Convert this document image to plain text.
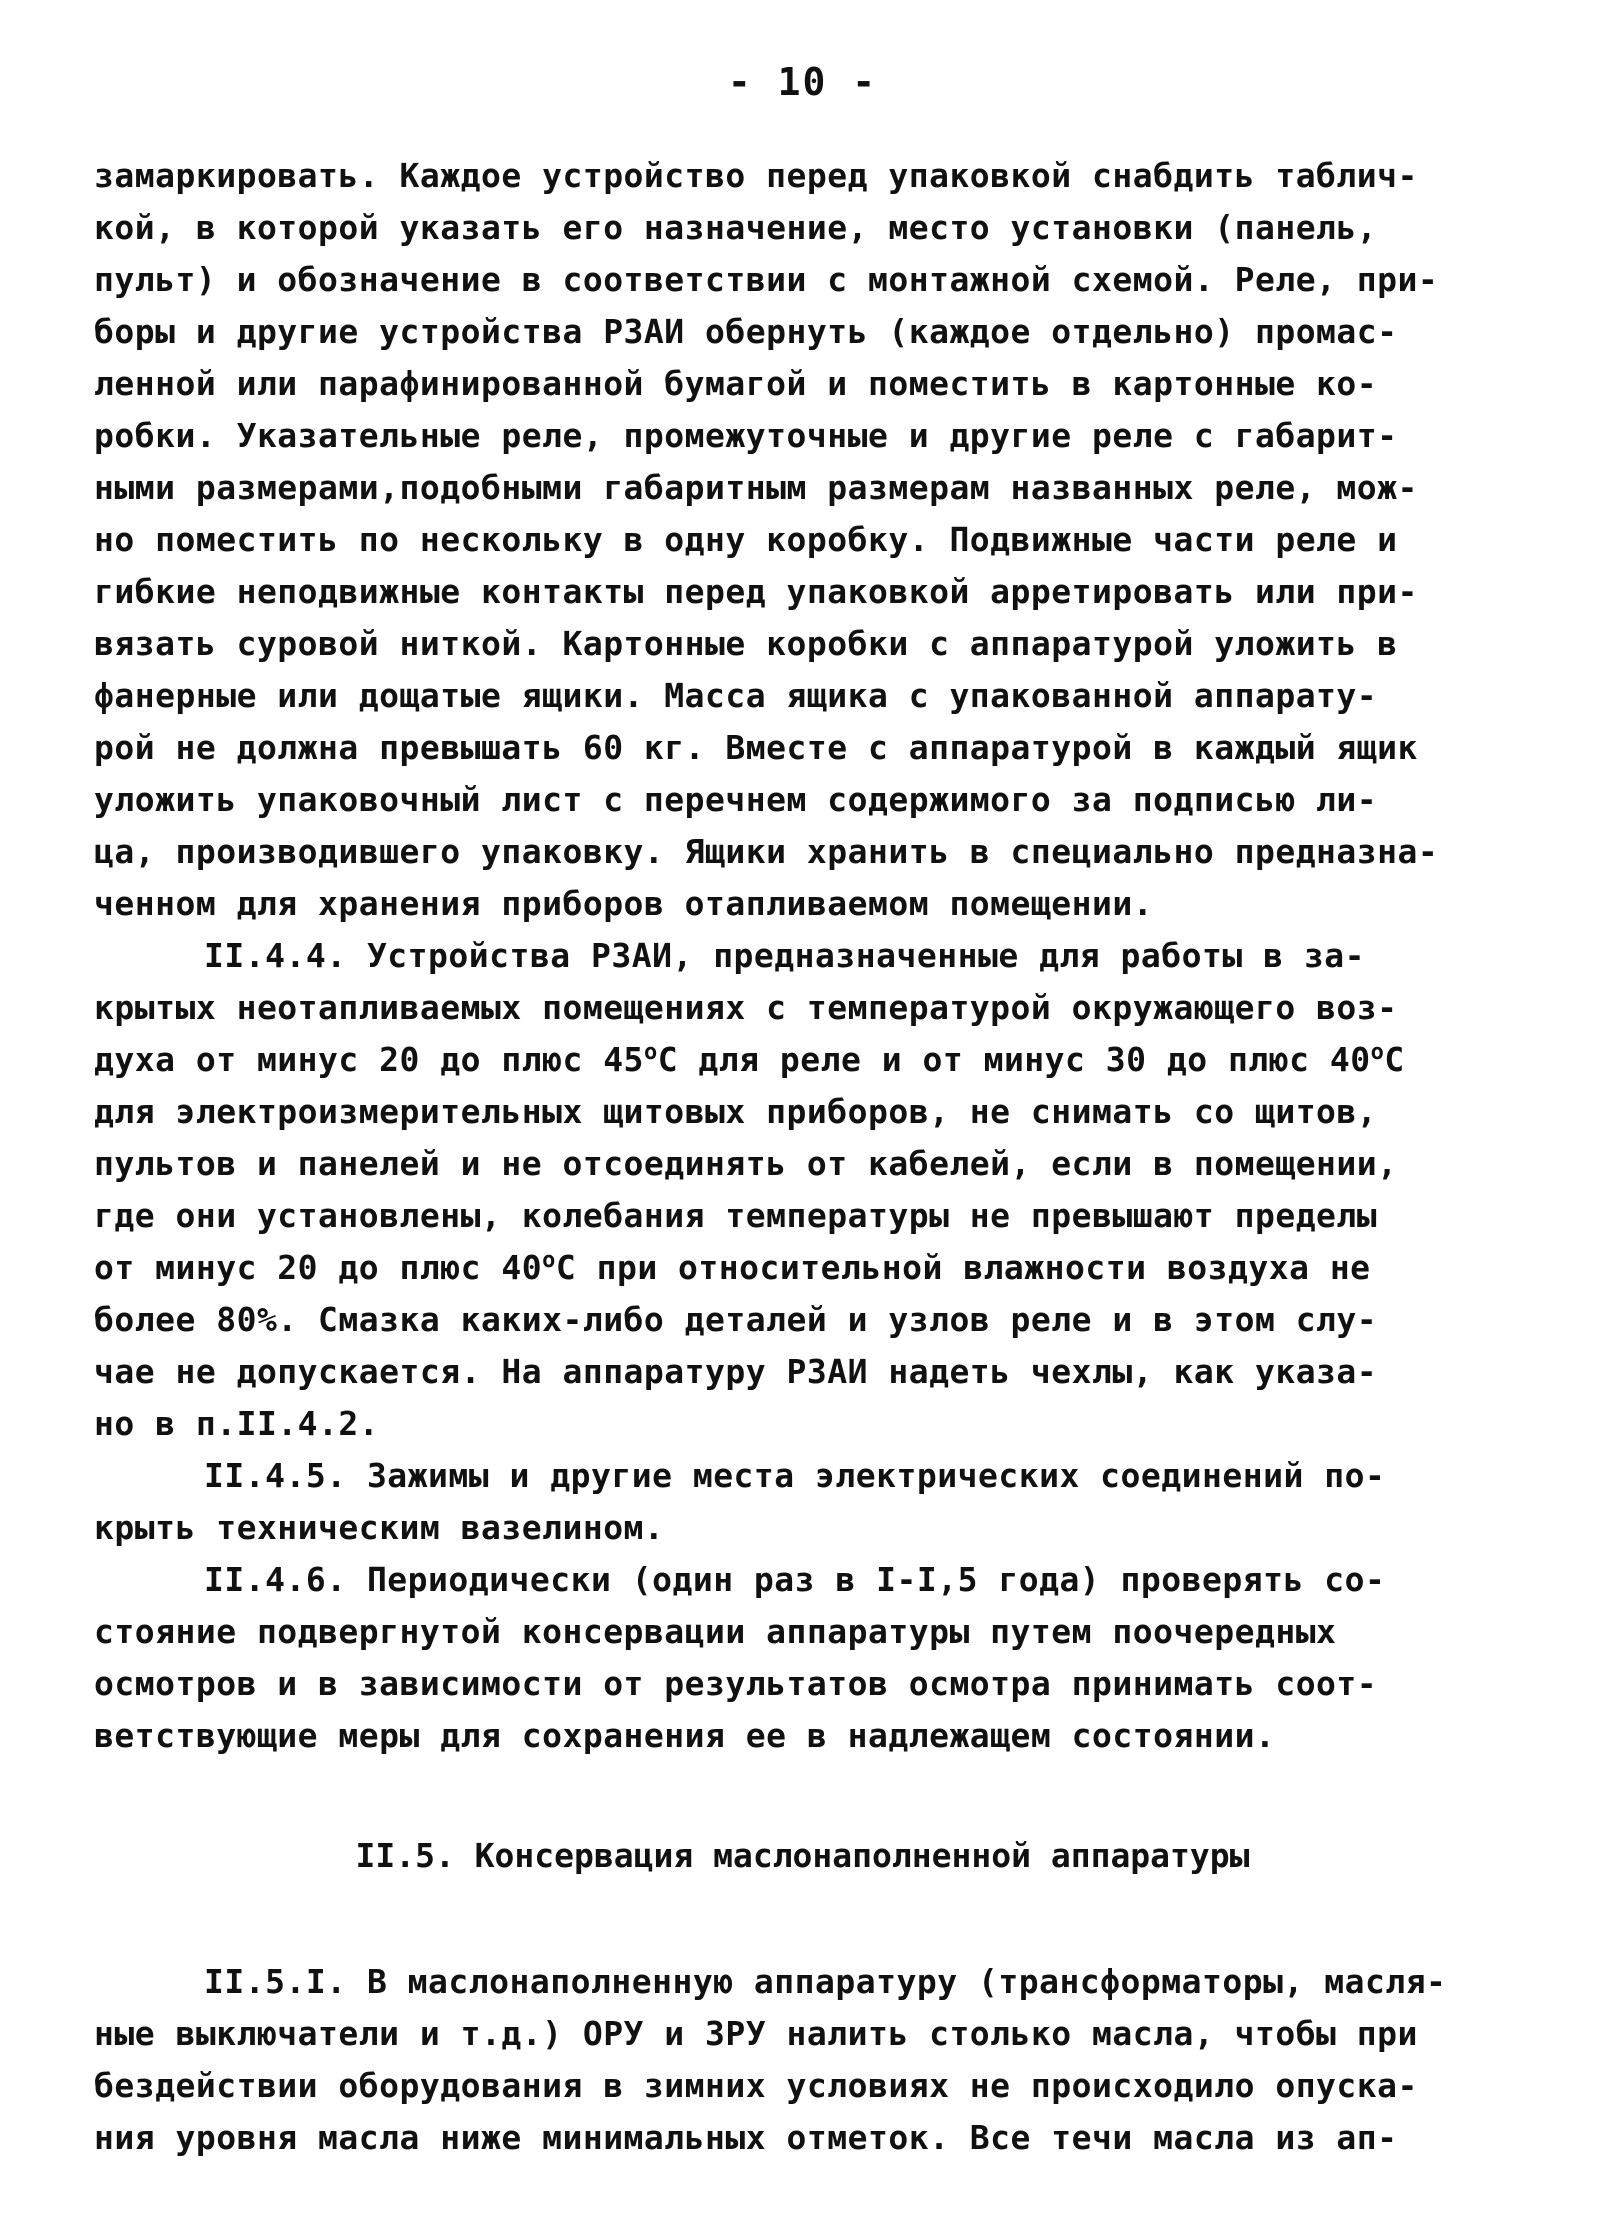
- 10 -
замаркировать. Каждое устройство перед упаковкой снабдить таблич-
кой, в которой указать его назначение, место установки (панель,
пульт) и обозначение в соответствии с монтажной схемой. Реле, при-
боры и другие устройства РЗАИ обернуть (каждое отдельно) промас-
ленной или парафинированной бумагой и поместить в картонные ко-
робки. Указательные реле, промежуточные и другие реле с габарит-
ными размерами,подобными габаритным размерам названных реле, мож-
но поместить по нескольку в одну коробку. Подвижные части реле и
гибкие неподвижные контакты перед упаковкой арретировать или при-
вязать суровой ниткой. Картонные коробки с аппаратурой уложить в
фанерные или дощатые ящики. Масса ящика с упакованной аппарату-
рой не должна превышать 60 кг. Вместе с аппаратурой в каждый ящик
уложить упаковочный лист с перечнем содержимого за подписью ли-
ца, производившего упаковку. Ящики хранить в специально предназна-
ченном для хранения приборов отапливаемом помещении.
II.4.4. Устройства РЗАИ, предназначенные для работы в за-
крытых неотапливаемых помещениях с температурой окружающего воз-
духа от минус 20 до плюс $45^оС$ для реле и от минус 30 до плюс $40^оС$
для электроизмерительных щитовых приборов, не снимать со щитов,
пультов и панелей и не отсоединять от кабелей, если в помещении,
где они установлены, колебания температуры не превышают пределы
от минус 20 до плюс $40^оС$ при относительной влажности воздуха не
более 80%. Смазка каких-либо деталей и узлов реле и в этом слу-
чае не допускается. На аппаратуру РЗАИ надеть чехлы, как указа-
но в п.II.4.2.
II.4.5. Зажимы и другие места электрических соединений по-
крыть техническим вазелином.
II.4.6. Периодически (один раз в I-I,5 года) проверять со-
стояние подвергнутой консервации аппаратуры путем поочередных
осмотров и в зависимости от результатов осмотра принимать соот-
ветствующие меры для сохранения ее в надлежащем состоянии.
II.5. Консервация маслонаполненной аппаратуры
II.5.I. В маслонаполненную аппаратуру (трансформаторы, масля-
ные выключатели и т.д.) ОРУ и ЗРУ налить столько масла, чтобы при
бездействии оборудования в зимних условиях не происходило опуска-
ния уровня масла ниже минимальных отметок. Все течи масла из ап-
